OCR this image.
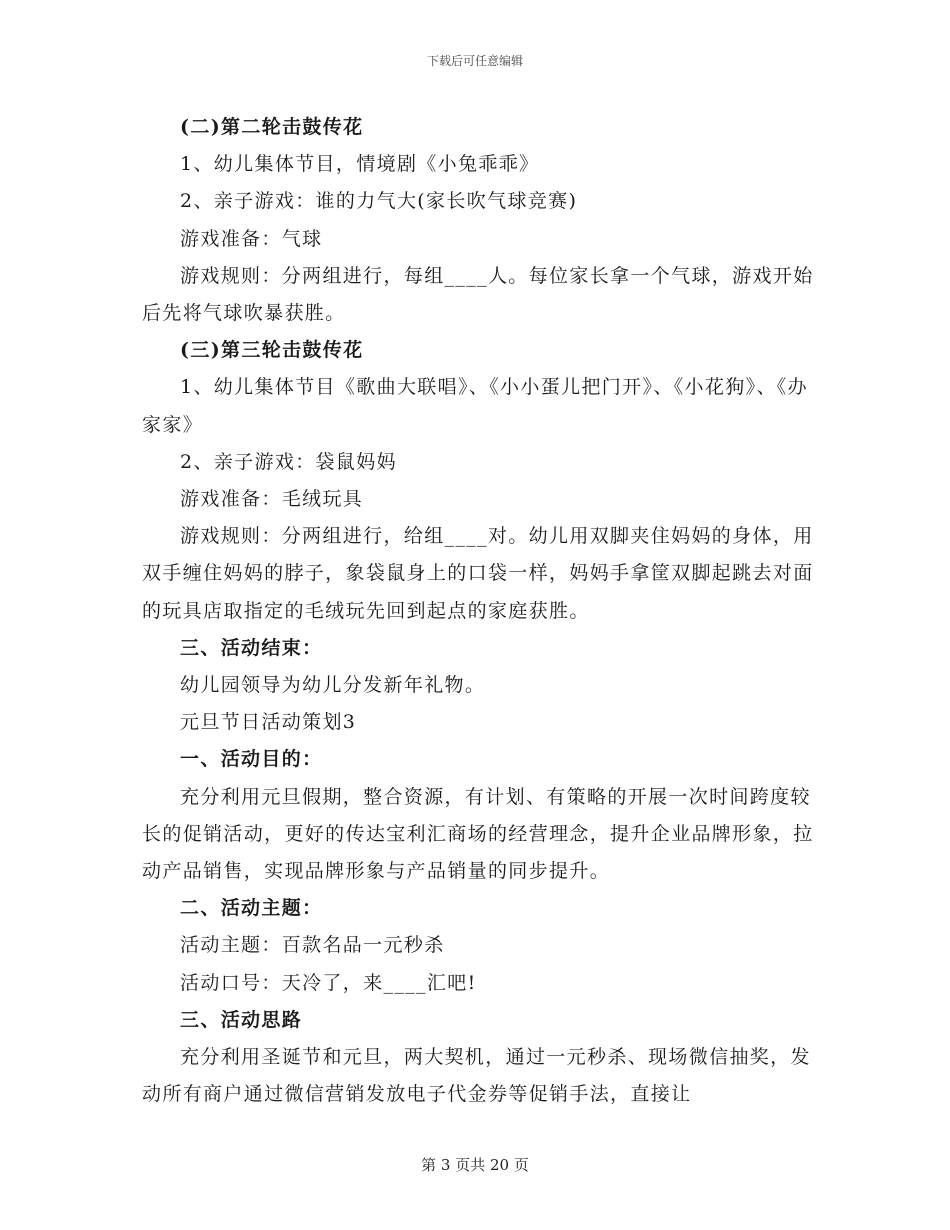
下载后可任意编辑

(二)第二轮击鼓传花

1、幼儿集体节目，情境剧《小兔乖乖》

2、亲子游戏：谁的力气大(家长吹气球竞赛)

游戏准备：气球

游戏规则：分两组进行，每组____人。每位家长拿一个气球，游戏开始后先将气球吹暴获胜。

(三)第三轮击鼓传花

1、幼儿集体节目《歌曲大联唱》、《小小蛋儿把门开》、《小花狗》、《办家家》

2、亲子游戏：袋鼠妈妈

游戏准备：毛绒玩具

游戏规则：分两组进行，给组____对。幼儿用双脚夹住妈妈的身体，用双手缠住妈妈的脖子，象袋鼠身上的口袋一样，妈妈手拿筐双脚起跳去对面的玩具店取指定的毛绒玩先回到起点的家庭获胜。

三、活动结束：

幼儿园领导为幼儿分发新年礼物。

元旦节日活动策划3

一、活动目的：

充分利用元旦假期，整合资源，有计划、有策略的开展一次时间跨度较长的促销活动，更好的传达宝利汇商场的经营理念，提升企业品牌形象，拉动产品销售，实现品牌形象与产品销量的同步提升。

二、活动主题：

活动主题：百款名品一元秒杀

活动口号：天冷了，来____汇吧!

三、活动思路

充分利用圣诞节和元旦，两大契机，通过一元秒杀、现场微信抽奖，发动所有商户通过微信营销发放电子代金券等促销手法，直接让

第 3 页共 20 页
